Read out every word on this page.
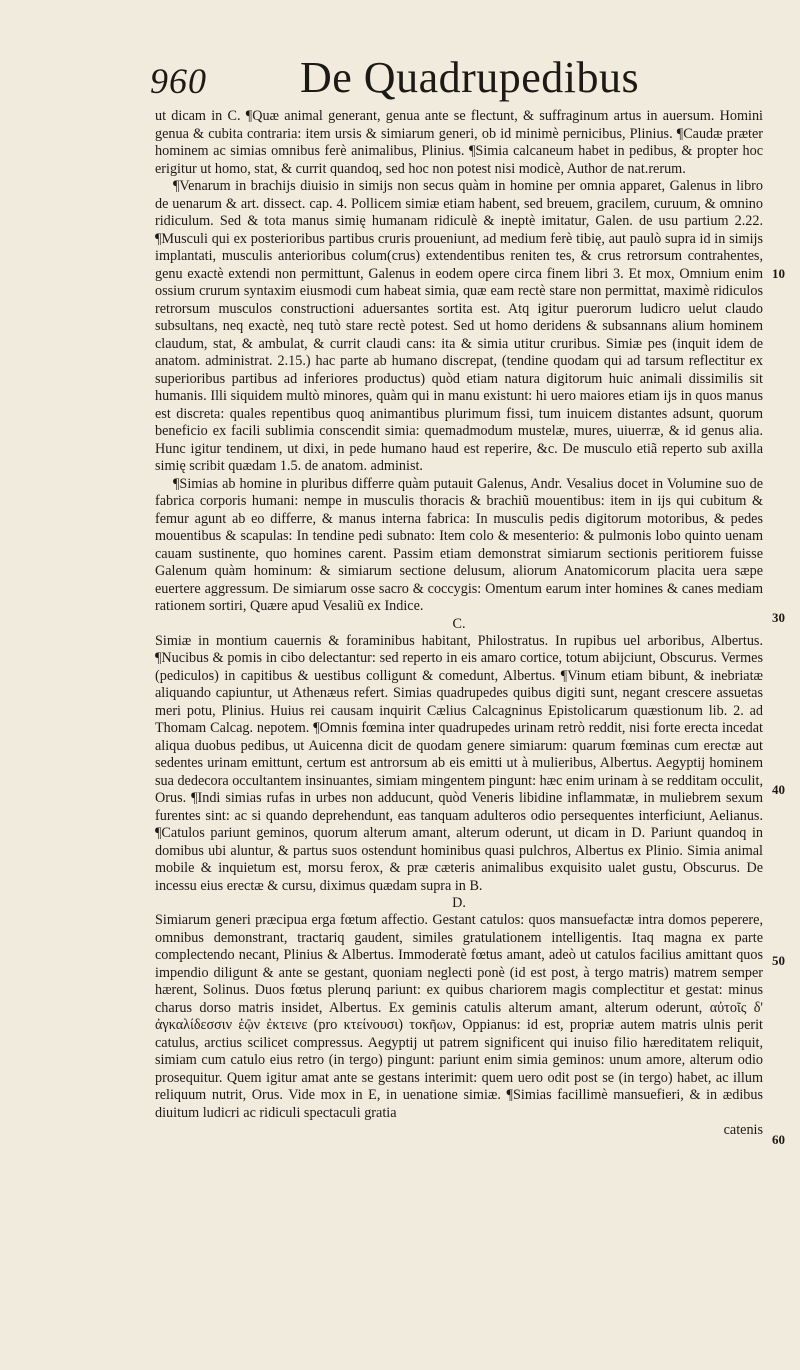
960 De Quadrupedibus

ut dicam in C. ¶Quæ animal generant, genua ante se flectunt, & suffraginum artus in auersum. Homini genua & cubita contraria: item ursis & simiarum generi, ob id minimè pernicibus, Plinius. ¶Caudæ præter hominem ac simias omnibus ferè animalibus, Plinius. ¶Simia calcaneum habet in pedibus, & propter hoc erigitur ut homo, stat, & currit quandoq, sed hoc non potest nisi modicè, Author de nat.rerum.

¶Venarum in brachijs diuisio in simijs non secus quàm in homine per omnia apparet, Galenus in libro de uenarum & art. dissect. cap. 4. Pollicem simiæ etiam habent, sed breuem, gracilem, curuum, & omnino ridiculum. Sed & tota manus simię humanam ridiculè & ineptè imitatur, Galen. de usu partium 2.22. ¶Musculi qui ex posterioribus partibus cruris proueniunt, ad medium ferè tibię, aut paulò supra id in simijs implantati, musculis anterioribus colum(crus) extendentibus reniten tes, & crus retrorsum contrahentes, genu exactè extendi non permittunt, Galenus in eodem opere circa finem libri 3. Et mox, Omnium enim ossium crurum syntaxim eiusmodi cum habeat simia, quæ eam rectè stare non permittat, maximè ridiculos retrorsum musculos constructioni aduersantes sortita est. Atq igitur puerorum ludicro uelut claudo subsultans, neq exactè, neq tutò stare rectè potest. Sed ut homo deridens & subsannans alium hominem claudum, stat, & ambulat, & currit claudi cans: ita & simia utitur cruribus. Simiæ pes (inquit idem de anatom. administrat. 2.15.) hac parte ab humano discrepat, (tendine quodam qui ad tarsum reflectitur ex superioribus partibus ad inferiores productus) quòd etiam natura digitorum huic animali dissimilis sit humanis. Illi siquidem multò minores, quàm qui in manu existunt: hi uero maiores etiam ijs in quos manus est discreta: quales repentibus quoq animantibus plurimum fissi, tum inuicem distantes adsunt, quorum beneficio ex facili sublimia conscendit simia: quemadmodum mustelæ, mures, uiuerræ, & id genus alia. Hunc igitur tendinem, ut dixi, in pede humano haud est reperire, &c. De musculo etiã reperto sub axilla simię scribit quædam 1.5. de anatom. administ.

¶Simias ab homine in pluribus differre quàm putauit Galenus, Andr. Vesalius docet in Volumine suo de fabrica corporis humani: nempe in musculis thoracis & brachiũ mouentibus: item in ijs qui cubitum & femur agunt ab eo differre, & manus interna fabrica: In musculis pedis digitorum motoribus, & pedes mouentibus & scapulas: In tendine pedi subnato: Item colo & mesenterio: & pulmonis lobo quinto uenam cauam sustinente, quo homines carent. Passim etiam demonstrat simiarum sectionis peritiorem fuisse Galenum quàm hominum: & simiarum sectione delusum, aliorum Anatomicorum placita uera sæpe euertere aggressum. De simiarum osse sacro & coccygis: Omentum earum inter homines & canes mediam rationem sortiri, Quære apud Vesaliũ ex Indice.

C.

Simiæ in montium cauernis & foraminibus habitant, Philostratus. In rupibus uel arboribus, Albertus. ¶Nucibus & pomis in cibo delectantur: sed reperto in eis amaro cortice, totum abijciunt, Obscurus. Vermes (pediculos) in capitibus & uestibus colligunt & comedunt, Albertus. ¶Vinum etiam bibunt, & inebriatæ aliquando capiuntur, ut Athenæus refert. Simias quadrupedes quibus digiti sunt, negant crescere assuetas meri potu, Plinius. Huius rei causam inquirit Cælius Calcagninus Epistolicarum quæstionum lib. 2. ad Thomam Calcag. nepotem. ¶Omnis fœmina inter quadrupedes urinam retrò reddit, nisi forte erecta incedat aliqua duobus pedibus, ut Auicenna dicit de quodam genere simiarum: quarum fœminas cum erectæ aut sedentes urinam emittunt, certum est antrorsum ab eis emitti ut à mulieribus, Albertus. Aegyptij hominem sua dedecora occultantem insinuantes, simiam mingentem pingunt: hæc enim urinam à se redditam occulit, Orus. ¶Indi simias rufas in urbes non adducunt, quòd Veneris libidine inflammatæ, in muliebrem sexum furentes sint: ac si quando deprehendunt, eas tanquam adulteros odio persequentes interficiunt, Aelianus. ¶Catulos pariunt geminos, quorum alterum amant, alterum oderunt, ut dicam in D. Pariunt quandoq in domibus ubi aluntur, & partus suos ostendunt hominibus quasi pulchros, Albertus ex Plinio. Simia animal mobile & inquietum est, morsu ferox, & præ cæteris animalibus exquisito ualet gustu, Obscurus. De incessu eius erectæ & cursu, diximus quædam supra in B.

D.

Simiarum generi præcipua erga fœtum affectio. Gestant catulos: quos mansuefactæ intra domos peperere, omnibus demonstrant, tractariq gaudent, similes gratulationem intelligentis. Itaq magna ex parte complectendo necant, Plinius & Albertus. Immoderatè fœtus amant, adeò ut catulos facilius amittant quos impendio diligunt & ante se gestant, quoniam neglecti ponè (id est post, à tergo matris) matrem semper hærent, Solinus. Duos fœtus plerunq pariunt: ex quibus chariorem magis complectitur et gestat: minus charus dorso matris insidet, Albertus. Ex geminis catulis alterum amant, alterum oderunt, αὐτοῖς δ' ἀγκαλίδεσσιν ἑῷν ἐκτεινε (pro κτείνουσι) τοκῆων, Oppianus: id est, propriæ autem matris ulnis perit catulus, arctius scilicet compressus. Aegyptij ut patrem significent qui inuiso filio hæreditatem reliquit, simiam cum catulo eius retro (in tergo) pingunt: pariunt enim simia geminos: unum amore, alterum odio prosequitur. Quem igitur amat ante se gestans interimit: quem uero odit post se (in tergo) habet, ac illum reliquum nutrit, Orus. Vide mox in E, in uenatione simiæ. ¶Simias facillimè mansuefieri, & in ædibus diuitum ludicri ac ridiculi spectaculi gratia

catenis
10
30
40
50
60
